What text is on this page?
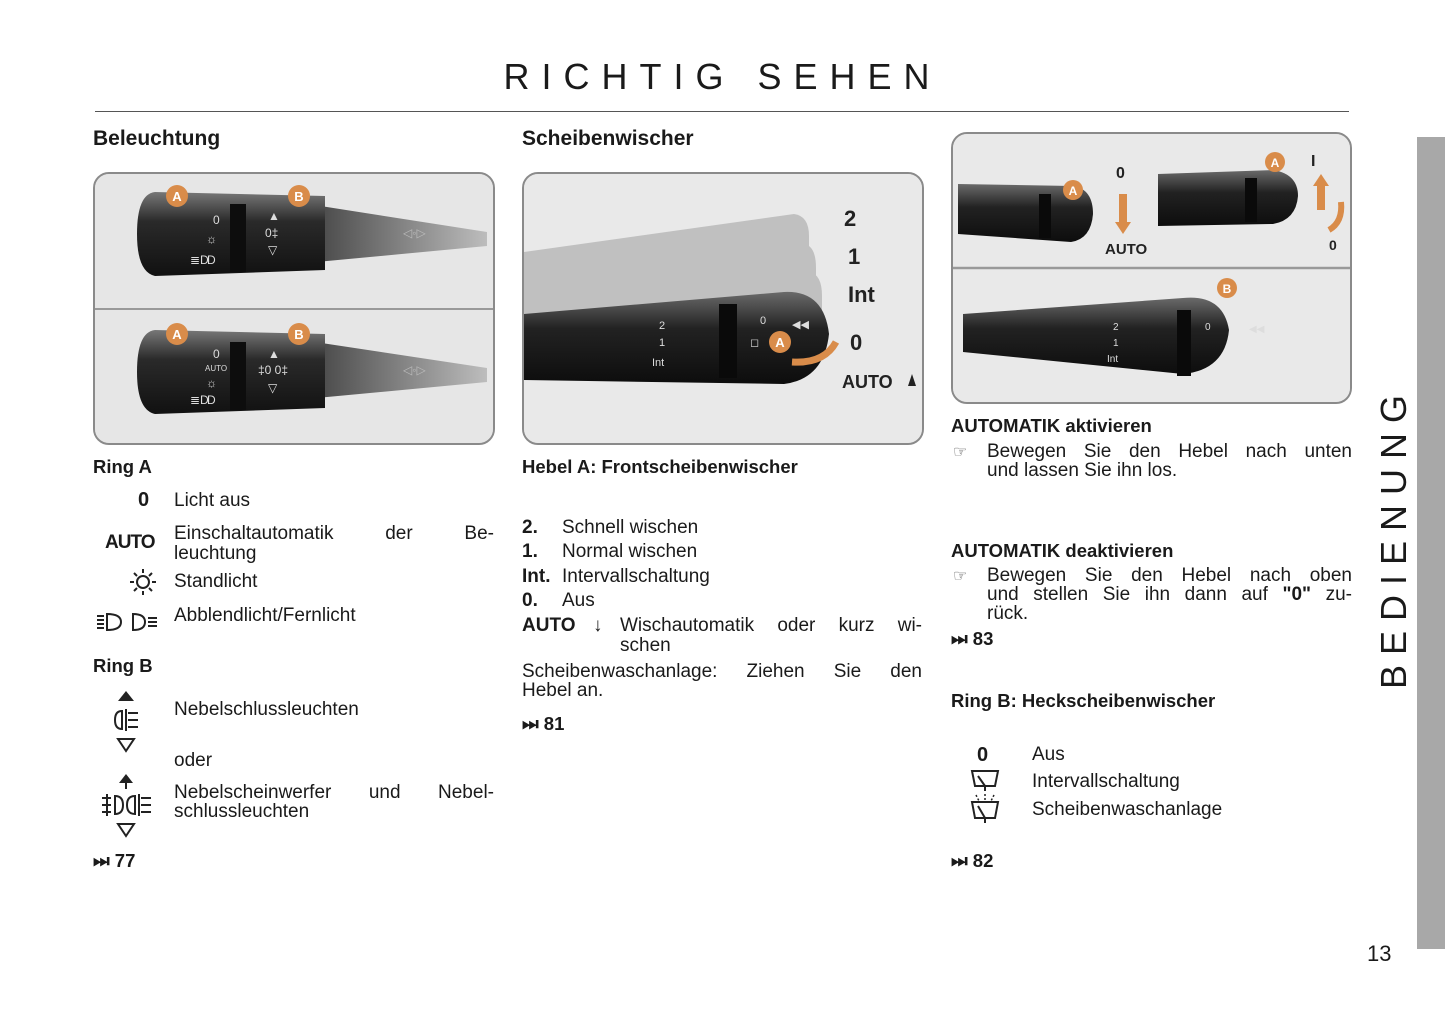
RICHTIG SEHEN
BEDIENUNG
13
Beleuchtung
0
☼
≣D
D
▲
0‡
▽
◁◦▷
A	B
0
AUTO
☼
≣D
D
▲
‡0 0‡
▽
◁◦▷
A	B
Ring A
0 Licht aus
AUTO Einschaltautomatik der Be-
leuchtung
Standlicht
Abblendlicht/Fernlicht
Ring B
Nebelschlussleuchten
oder
Nebelscheinwerfer und Nebel-
schlussleuchten
⏭ 77
Scheibenwischer
2
1
Int
0
◻
◀◀
2
1
Int
0
AUTO
A
Hebel A: Frontscheibenwischer
2. Schnell wischen
1. Normal wischen
Int. Intervallschaltung
0. Aus
AUTO ↓ Wischautomatik oder kurz wi-
schen
Scheibenwaschanlage: Ziehen Sie den
Hebel an.
⏭ 81
A
0
AUTO
A I
0
2
1
Int
0	◀◀
B
AUTOMATIK aktivieren
☞ Bewegen Sie den Hebel nach unten
und lassen Sie ihn los.
AUTOMATIK deaktivieren
☞ Bewegen Sie den Hebel nach oben
und stellen Sie ihn dann auf "0" zu-
rück.
⏭ 83
Ring B: Heckscheibenwischer
0 Aus
Intervallschaltung
Scheibenwaschanlage
⏭ 82
